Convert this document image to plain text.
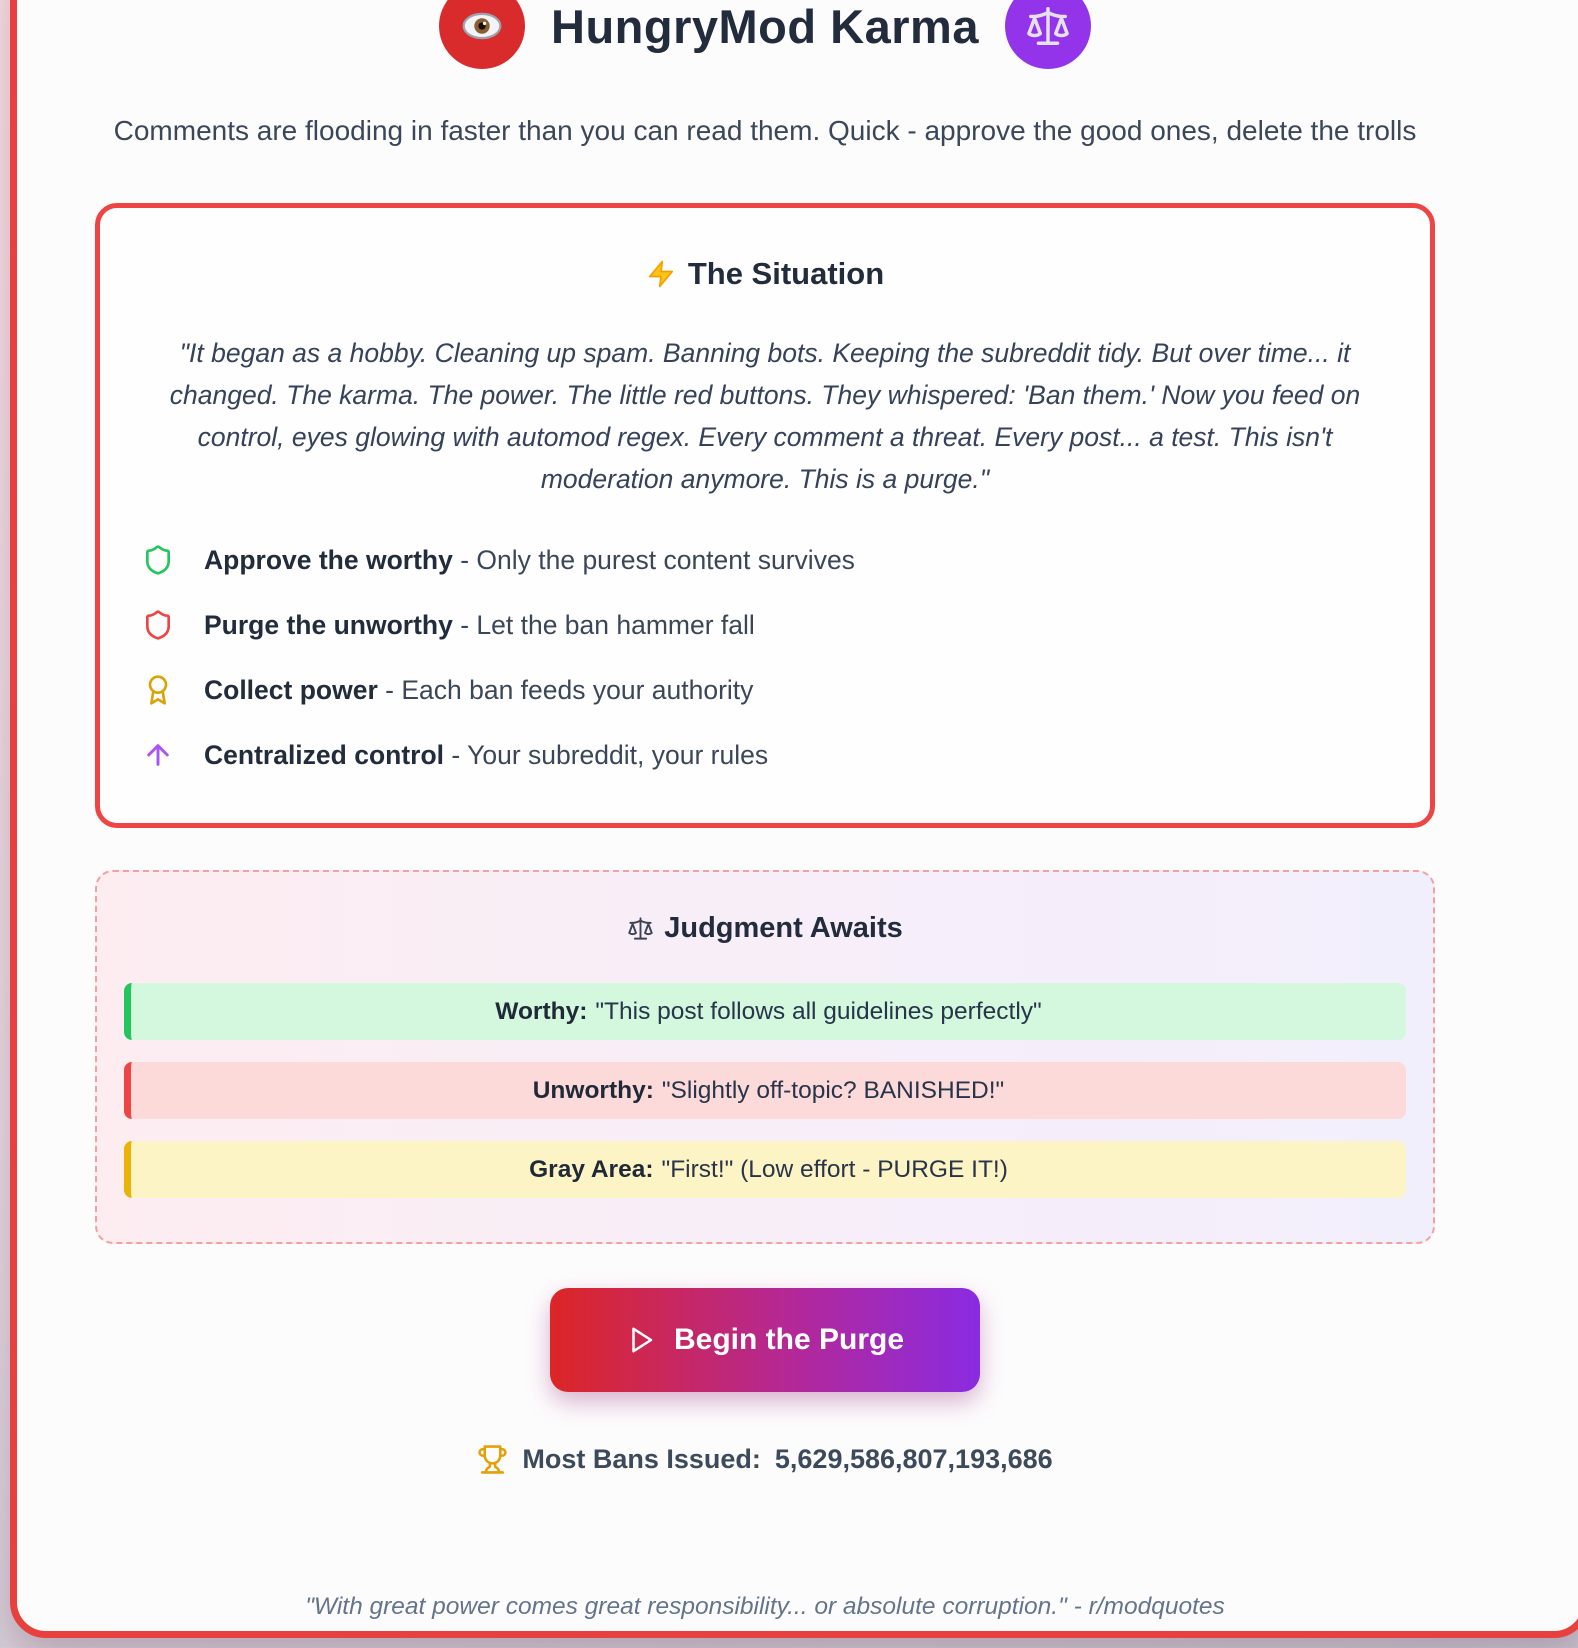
HungryMod Karma
Comments are flooding in faster than you can read them. Quick - approve the good ones, delete the trolls
The Situation
"It began as a hobby. Cleaning up spam. Banning bots. Keeping the subreddit tidy. But over time... it changed. The karma. The power. The little red buttons. They whispered: 'Ban them.' Now you feed on control, eyes glowing with automod regex. Every comment a threat. Every post... a test. This isn't moderation anymore. This is a purge."
Approve the worthy - Only the purest content survives
Purge the unworthy - Let the ban hammer fall
Collect power - Each ban feeds your authority
Centralized control - Your subreddit, your rules
Judgment Awaits
Worthy: "This post follows all guidelines perfectly"
Unworthy: "Slightly off-topic? BANISHED!"
Gray Area: "First!" (Low effort - PURGE IT!)
Begin the Purge
Most Bans Issued: 5,629,586,807,193,686
"With great power comes great responsibility... or absolute corruption." - r/modquotes
